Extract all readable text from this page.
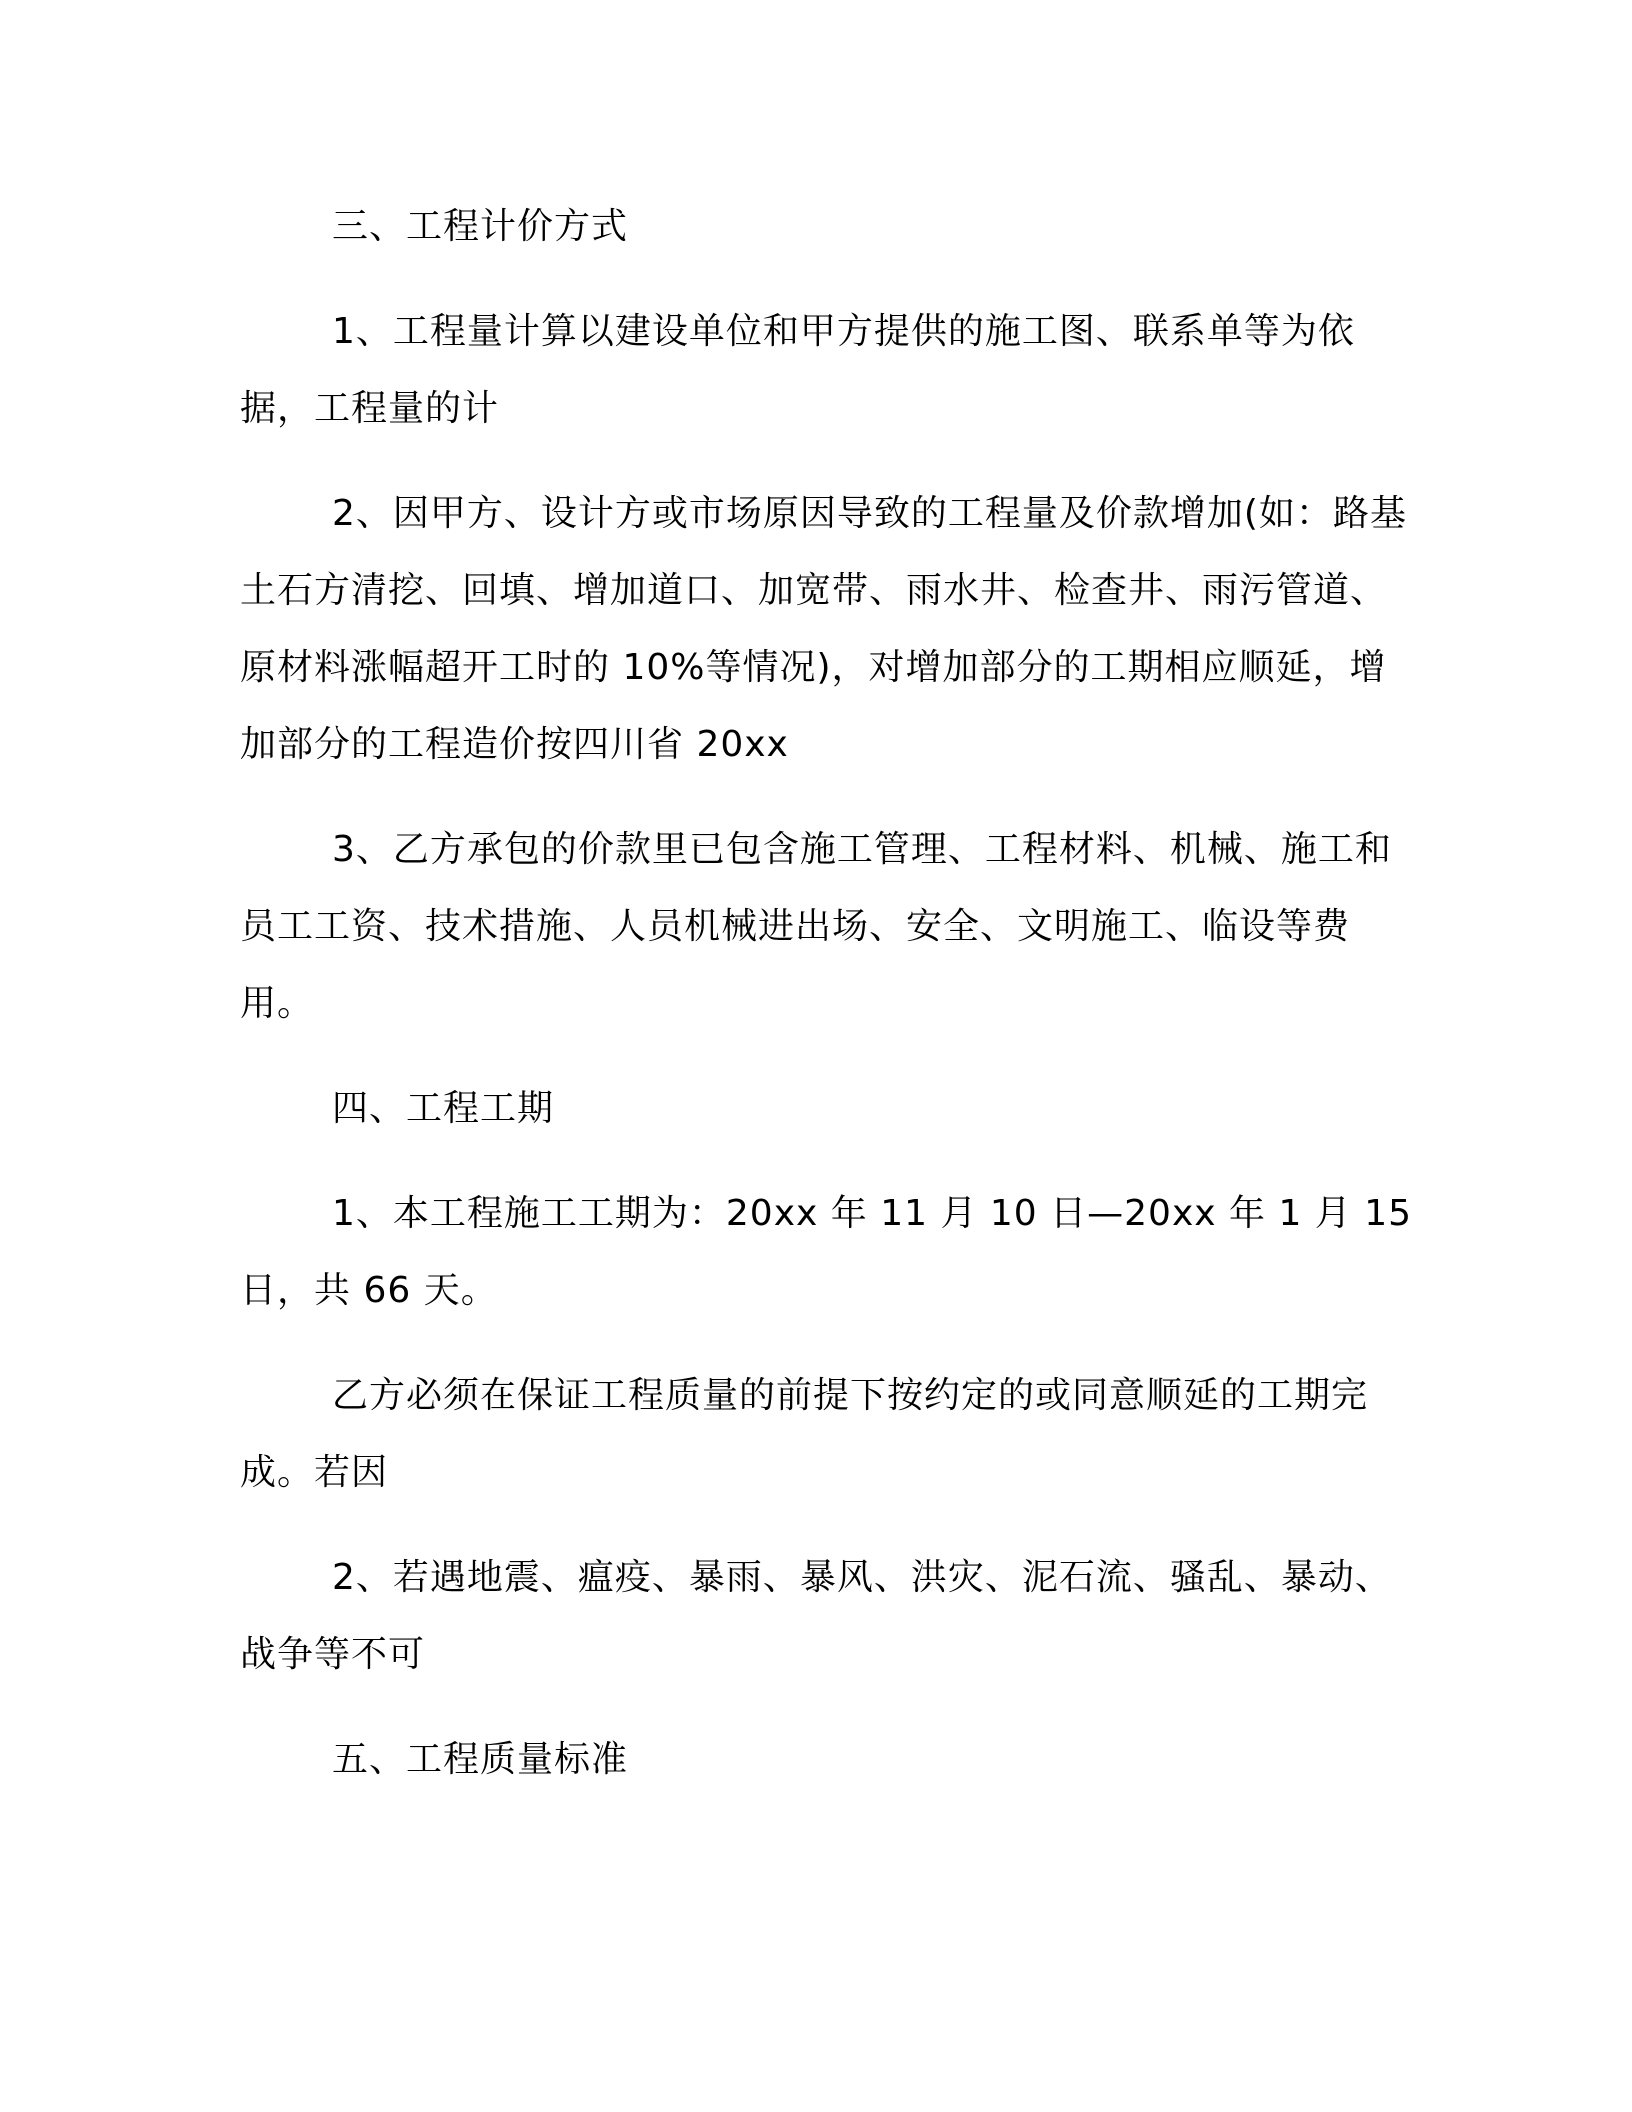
三、工程计价方式

1、工程量计算以建设单位和甲方提供的施工图、联系单等为依据，工程量的计

2、因甲方、设计方或市场原因导致的工程量及价款增加(如：路基土石方清挖、回填、增加道口、加宽带、雨水井、检查井、雨污管道、原材料涨幅超开工时的 10%等情况)，对增加部分的工期相应顺延，增加部分的工程造价按四川省 20xx

3、乙方承包的价款里已包含施工管理、工程材料、机械、施工和员工工资、技术措施、人员机械进出场、安全、文明施工、临设等费用。

四、工程工期

1、本工程施工工期为：20xx 年 11 月 10 日—20xx 年 1 月 15 日，共 66 天。

乙方必须在保证工程质量的前提下按约定的或同意顺延的工期完成。若因

2、若遇地震、瘟疫、暴雨、暴风、洪灾、泥石流、骚乱、暴动、战争等不可

五、工程质量标准
